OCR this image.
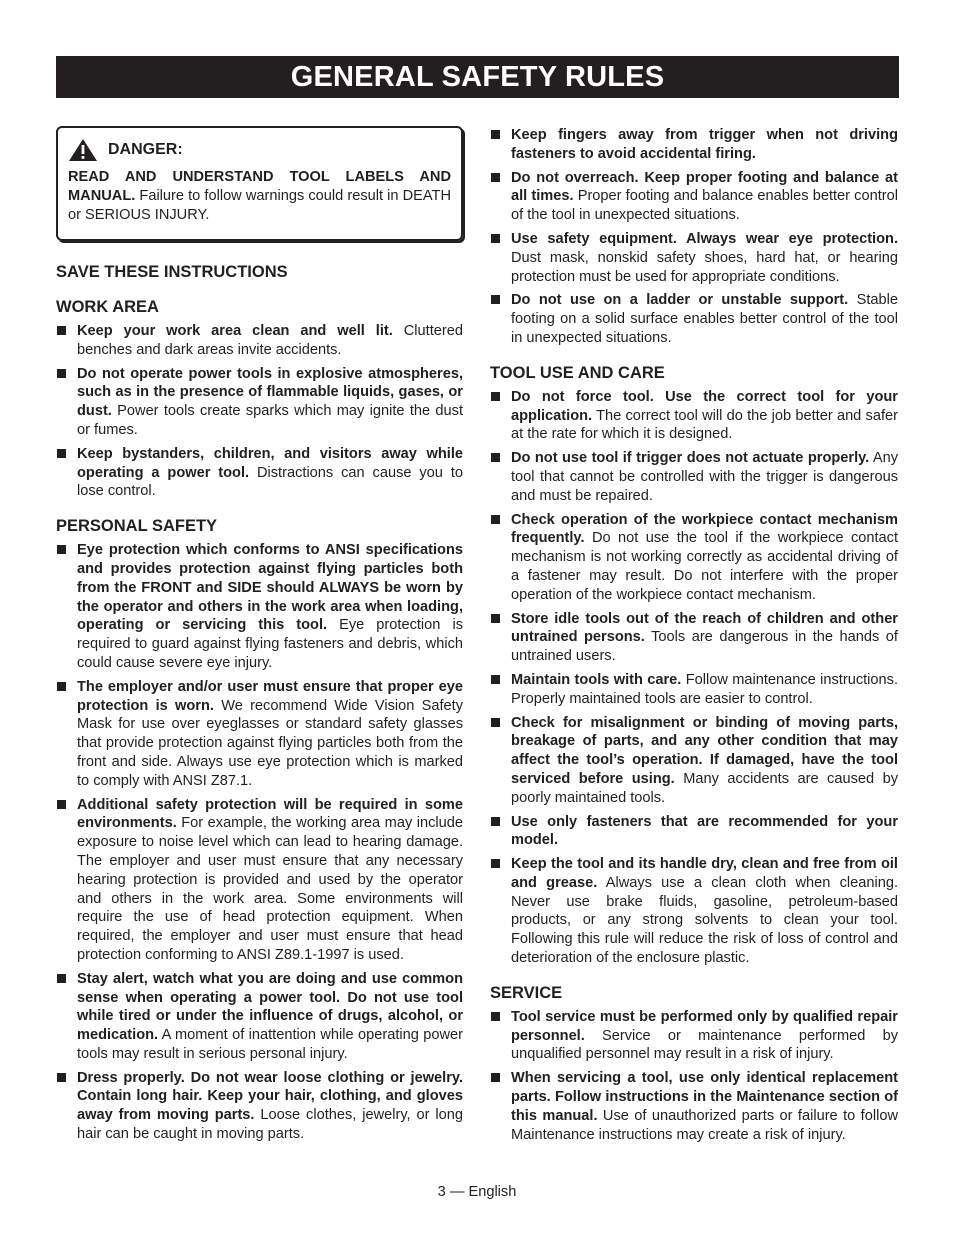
GENERAL SAFETY RULES
DANGER:
READ AND UNDERSTAND TOOL LABELS AND MANUAL. Failure to follow warnings could result in DEATH or SERIOUS INJURY.
SAVE THESE INSTRUCTIONS
WORK AREA
Keep your work area clean and well lit. Cluttered benches and dark areas invite accidents.
Do not operate power tools in explosive atmospheres, such as in the presence of flammable liquids, gases, or dust. Power tools create sparks which may ignite the dust or fumes.
Keep bystanders, children, and visitors away while operating a power tool. Distractions can cause you to lose control.
PERSONAL SAFETY
Eye protection which conforms to ANSI specifications and provides protection against flying particles both from the FRONT and SIDE should ALWAYS be worn by the operator and others in the work area when loading, operating or servicing this tool. Eye protection is required to guard against flying fasteners and debris, which could cause severe eye injury.
The employer and/or user must ensure that proper eye protection is worn. We recommend Wide Vision Safety Mask for use over eyeglasses or standard safety glasses that provide protection against flying particles both from the front and side. Always use eye protection which is marked to comply with ANSI Z87.1.
Additional safety protection will be required in some environments. For example, the working area may include exposure to noise level which can lead to hearing damage. The employer and user must ensure that any necessary hearing protection is provided and used by the operator and others in the work area. Some environments will require the use of head protection equipment. When required, the employer and user must ensure that head protection conforming to ANSI Z89.1-1997 is used.
Stay alert, watch what you are doing and use common sense when operating a power tool. Do not use tool while tired or under the influence of drugs, alcohol, or medication. A moment of inattention while operating power tools may result in serious personal injury.
Dress properly. Do not wear loose clothing or jewelry. Contain long hair. Keep your hair, clothing, and gloves away from moving parts. Loose clothes, jewelry, or long hair can be caught in moving parts.
Keep fingers away from trigger when not driving fasteners to avoid accidental firing.
Do not overreach. Keep proper footing and balance at all times. Proper footing and balance enables better control of the tool in unexpected situations.
Use safety equipment. Always wear eye protection. Dust mask, nonskid safety shoes, hard hat, or hearing protection must be used for appropriate conditions.
Do not use on a ladder or unstable support. Stable footing on a solid surface enables better control of the tool in unexpected situations.
TOOL USE AND CARE
Do not force tool. Use the correct tool for your application. The correct tool will do the job better and safer at the rate for which it is designed.
Do not use tool if trigger does not actuate properly. Any tool that cannot be controlled with the trigger is dangerous and must be repaired.
Check operation of the workpiece contact mechanism frequently. Do not use the tool if the workpiece contact mechanism is not working correctly as accidental driving of a fastener may result. Do not interfere with the proper operation of the workpiece contact mechanism.
Store idle tools out of the reach of children and other untrained persons. Tools are dangerous in the hands of untrained users.
Maintain tools with care. Follow maintenance instructions. Properly maintained tools are easier to control.
Check for misalignment or binding of moving parts, breakage of parts, and any other condition that may affect the tool’s operation. If damaged, have the tool serviced before using. Many accidents are caused by poorly maintained tools.
Use only fasteners that are recommended for your model.
Keep the tool and its handle dry, clean and free from oil and grease. Always use a clean cloth when cleaning. Never use brake fluids, gasoline, petroleum-based products, or any strong solvents to clean your tool. Following this rule will reduce the risk of loss of control and deterioration of the enclosure plastic.
SERVICE
Tool service must be performed only by qualified repair personnel. Service or maintenance performed by unqualified personnel may result in a risk of injury.
When servicing a tool, use only identical replacement parts. Follow instructions in the Maintenance section of this manual. Use of unauthorized parts or failure to follow Maintenance instructions may create a risk of injury.
3 — English
